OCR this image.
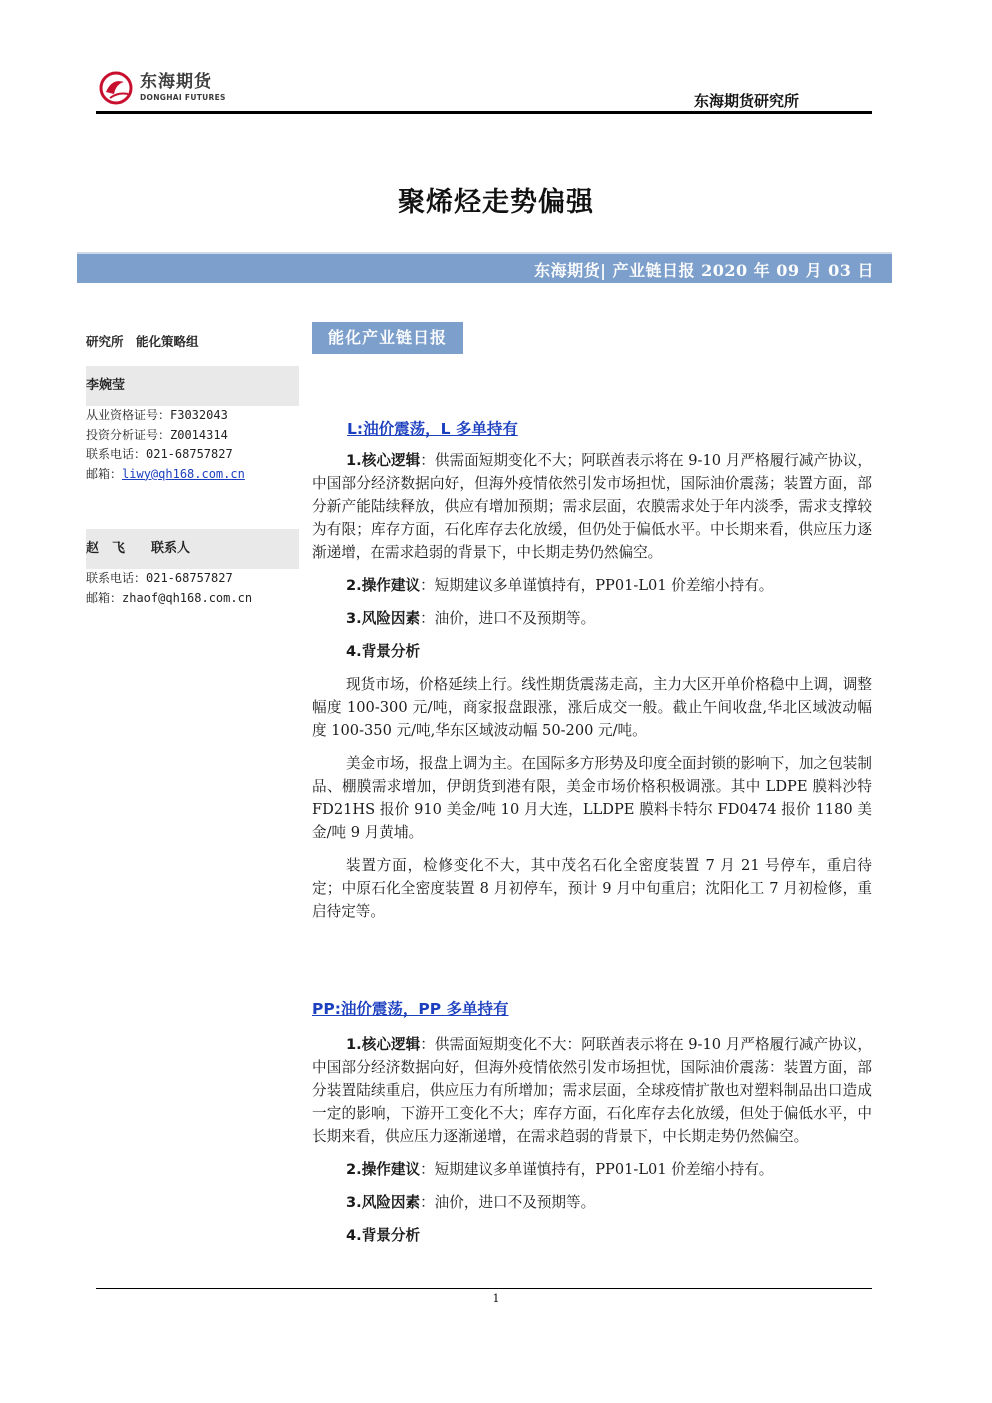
东海期货
DONGHAI FUTURES	东海期货研究所
聚烯烃走势偏强
东海期货| 产业链日报 2020 年 09 月 03 日
研究所　能化策略组
李婉莹
从业资格证号：F3032043
投资分析证号：Z0014314
联系电话：021-68757827
邮箱：liwy@qh168.com.cn
赵　飞　　联系人
联系电话：021-68757827
邮箱：zhaof@qh168.com.cn
能化产业链日报
L:油价震荡，L 多单持有

1.核心逻辑：供需面短期变化不大；阿联酋表示将在 9-10 月严格履行减产协议，中国部分经济数据向好，但海外疫情依然引发市场担忧，国际油价震荡；装置方面，部分新产能陆续释放，供应有增加预期；需求层面，农膜需求处于年内淡季，需求支撑较为有限；库存方面，石化库存去化放缓，但仍处于偏低水平。中长期来看，供应压力逐渐递增，在需求趋弱的背景下，中长期走势仍然偏空。

2.操作建议：短期建议多单谨慎持有，PP01-L01 价差缩小持有。

3.风险因素：油价，进口不及预期等。

4.背景分析

现货市场，价格延续上行。线性期货震荡走高，主力大区开单价格稳中上调，调整幅度 100-300 元/吨，商家报盘跟涨，涨后成交一般。截止午间收盘,华北区域波动幅度 100-350 元/吨,华东区域波动幅 50-200 元/吨。

美金市场，报盘上调为主。在国际多方形势及印度全面封锁的影响下，加之包装制品、棚膜需求增加，伊朗货到港有限，美金市场价格积极调涨。其中 LDPE 膜料沙特 FD21HS 报价 910 美金/吨 10 月大连，LLDPE 膜料卡特尔 FD0474 报价 1180 美金/吨 9 月黄埔。

装置方面，检修变化不大，其中茂名石化全密度装置 7 月 21 号停车，重启待定；中原石化全密度装置 8 月初停车，预计 9 月中旬重启；沈阳化工 7 月初检修，重启待定等。

PP:油价震荡，PP 多单持有

1.核心逻辑：供需面短期变化不大：阿联酋表示将在 9-10 月严格履行减产协议，中国部分经济数据向好，但海外疫情依然引发市场担忧，国际油价震荡：装置方面，部分装置陆续重启，供应压力有所增加；需求层面，全球疫情扩散也对塑料制品出口造成一定的影响，下游开工变化不大；库存方面，石化库存去化放缓，但处于偏低水平，中长期来看，供应压力逐渐递增，在需求趋弱的背景下，中长期走势仍然偏空。

2.操作建议：短期建议多单谨慎持有，PP01-L01 价差缩小持有。

3.风险因素：油价，进口不及预期等。

4.背景分析

1
